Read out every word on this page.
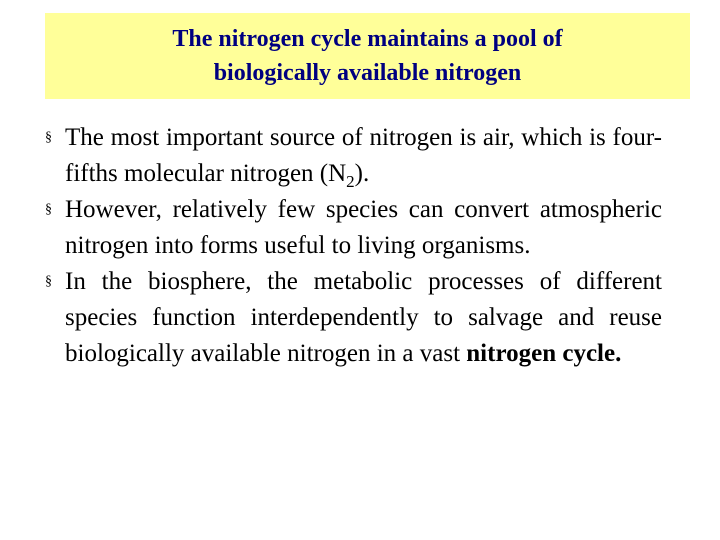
The nitrogen cycle maintains a pool of
biologically available nitrogen
§ The most important source of nitrogen is air, which is four-fifths molecular nitrogen $(N_2)$.
§ However, relatively few species can convert atmospheric nitrogen into forms useful to living organisms.
§ In the biosphere, the metabolic processes of different species function interdependently to salvage and reuse biologically available nitrogen in a vast nitrogen cycle.
